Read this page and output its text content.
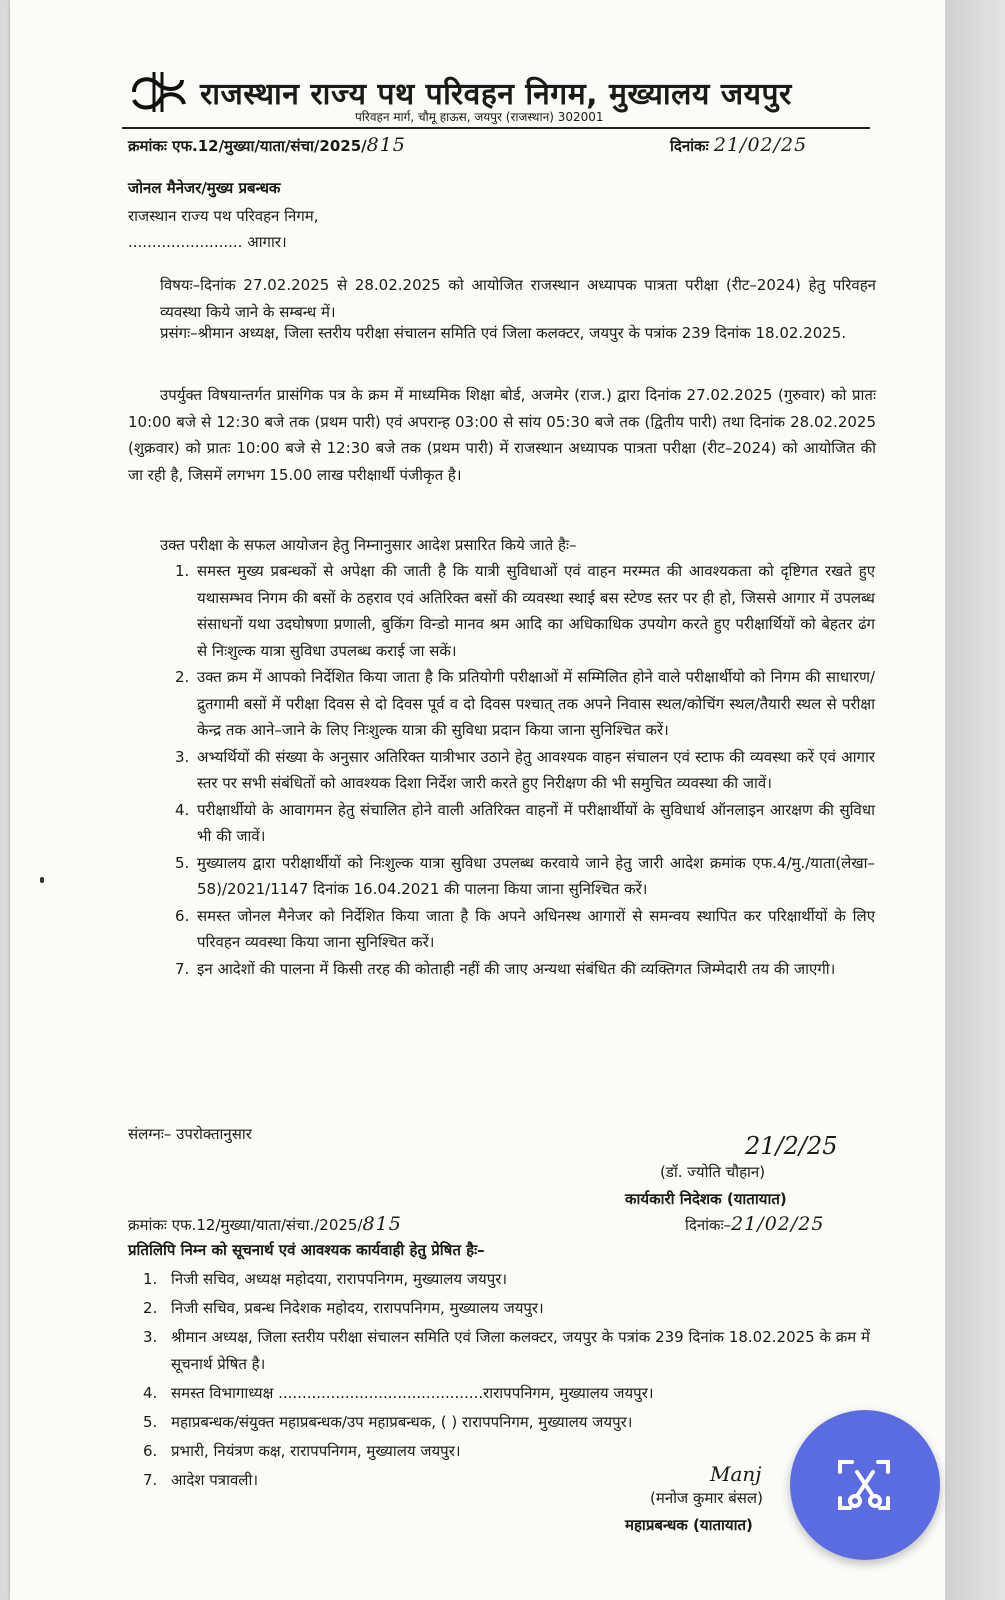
राजस्थान राज्य पथ परिवहन निगम, मुख्यालय जयपुर
परिवहन मार्ग, चौमू हाऊस, जयपुर (राजस्थान) 302001
क्रमांकः एफ.12/मुख्या/याता/संचा/2025/815	दिनांकः 21/02/25
जोनल मैनेजर/मुख्य प्रबन्धक
राजस्थान राज्य पथ परिवहन निगम,
........................ आगार।
विषयः–दिनांक 27.02.2025 से 28.02.2025 को आयोजित राजस्थान अध्यापक पात्रता परीक्षा (रीट–2024) हेतु परिवहन व्यवस्था किये जाने के सम्बन्ध में।
प्रसंगः–श्रीमान अध्यक्ष, जिला स्तरीय परीक्षा संचालन समिति एवं जिला कलक्टर, जयपुर के पत्रांक 239 दिनांक 18.02.2025.
उपर्युक्त विषयान्तर्गत प्रासंगिक पत्र के क्रम में माध्यमिक शिक्षा बोर्ड, अजमेर (राज.) द्वारा दिनांक 27.02.2025 (गुरुवार) को प्रातः 10:00 बजे से 12:30 बजे तक (प्रथम पारी) एवं अपरान्ह 03:00 से सांय 05:30 बजे तक (द्वितीय पारी) तथा दिनांक 28.02.2025 (शुक्रवार) को प्रातः 10:00 बजे से 12:30 बजे तक (प्रथम पारी) में राजस्थान अध्यापक पात्रता परीक्षा (रीट–2024) को आयोजित की जा रही है, जिसमें लगभग 15.00 लाख परीक्षार्थी पंजीकृत है।
उक्त परीक्षा के सफल आयोजन हेतु निम्नानुसार आदेश प्रसारित किये जाते हैः–
1. समस्त मुख्य प्रबन्धकों से अपेक्षा की जाती है कि यात्री सुविधाओं एवं वाहन मरम्मत की आवश्यकता को दृष्टिगत रखते हुए यथासम्भव निगम की बसों के ठहराव एवं अतिरिक्त बसों की व्यवस्था स्थाई बस स्टेण्ड स्तर पर ही हो, जिससे आगार में उपलब्ध संसाधनों यथा उदघोषणा प्रणाली, बुकिंग विन्डो मानव श्रम आदि का अधिकाधिक उपयोग करते हुए परीक्षार्थियों को बेहतर ढंग से निःशुल्क यात्रा सुविधा उपलब्ध कराई जा सकें।
2. उक्त क्रम में आपको निर्देशित किया जाता है कि प्रतियोगी परीक्षाओं में सम्मिलित होने वाले परीक्षार्थीयो को निगम की साधारण/द्रुतगामी बसों में परीक्षा दिवस से दो दिवस पूर्व व दो दिवस पश्चात् तक अपने निवास स्थल/कोचिंग स्थल/तैयारी स्थल से परीक्षा केन्द्र तक आने–जाने के लिए निःशुल्क यात्रा की सुविधा प्रदान किया जाना सुनिश्चित करें।
3. अभ्यर्थियों की संख्या के अनुसार अतिरिक्त यात्रीभार उठाने हेतु आवश्यक वाहन संचालन एवं स्टाफ की व्यवस्था करें एवं आगार स्तर पर सभी संबंधितों को आवश्यक दिशा निर्देश जारी करते हुए निरीक्षण की भी समुचित व्यवस्था की जावें।
4. परीक्षार्थीयो के आवागमन हेतु संचालित होने वाली अतिरिक्त वाहनों में परीक्षार्थीयों के सुविधार्थ ऑनलाइन आरक्षण की सुविधा भी की जावें।
5. मुख्यालय द्वारा परीक्षार्थीयों को निःशुल्क यात्रा सुविधा उपलब्ध करवाये जाने हेतु जारी आदेश क्रमांक एफ.4/मु./याता(लेखा–58)/2021/1147 दिनांक 16.04.2021 की पालना किया जाना सुनिश्चित करें।
6. समस्त जोनल मैनेजर को निर्देशित किया जाता है कि अपने अधिनस्थ आगारों से समन्वय स्थापित कर परिक्षार्थीयों के लिए परिवहन व्यवस्था किया जाना सुनिश्चित करें।
7. इन आदेशों की पालना में किसी तरह की कोताही नहीं की जाए अन्यथा संबंधित की व्यक्तिगत जिम्मेदारी तय की जाएगी।
संलग्नः– उपरोक्तानुसार	21/2/25
(डॉ. ज्योति चौहान)
कार्यकारी निदेशक (यातायात)
क्रमांकः एफ.12/मुख्या/याता/संचा./2025/815	दिनांकः–21/02/25
प्रतिलिपि निम्न को सूचनार्थ एवं आवश्यक कार्यवाही हेतु प्रेषित हैः–
1. निजी सचिव, अध्यक्ष महोदया, रारापपनिगम, मुख्यालय जयपुर।
2. निजी सचिव, प्रबन्ध निदेशक महोदय, रारापपनिगम, मुख्यालय जयपुर।
3. श्रीमान अध्यक्ष, जिला स्तरीय परीक्षा संचालन समिति एवं जिला कलक्टर, जयपुर के पत्रांक 239 दिनांक 18.02.2025 के क्रम में सूचनार्थ प्रेषित है।
4. समस्त विभागाध्यक्ष ...........................................रारापपनिगम, मुख्यालय जयपुर।
5. महाप्रबन्धक/संयुक्त महाप्रबन्धक/उप महाप्रबन्धक, ( ) रारापपनिगम, मुख्यालय जयपुर।
6. प्रभारी, नियंत्रण कक्ष, रारापपनिगम, मुख्यालय जयपुर।
7. आदेश पत्रावली।	Manj
(मनोज कुमार बंसल)
महाप्रबन्धक (यातायात)
